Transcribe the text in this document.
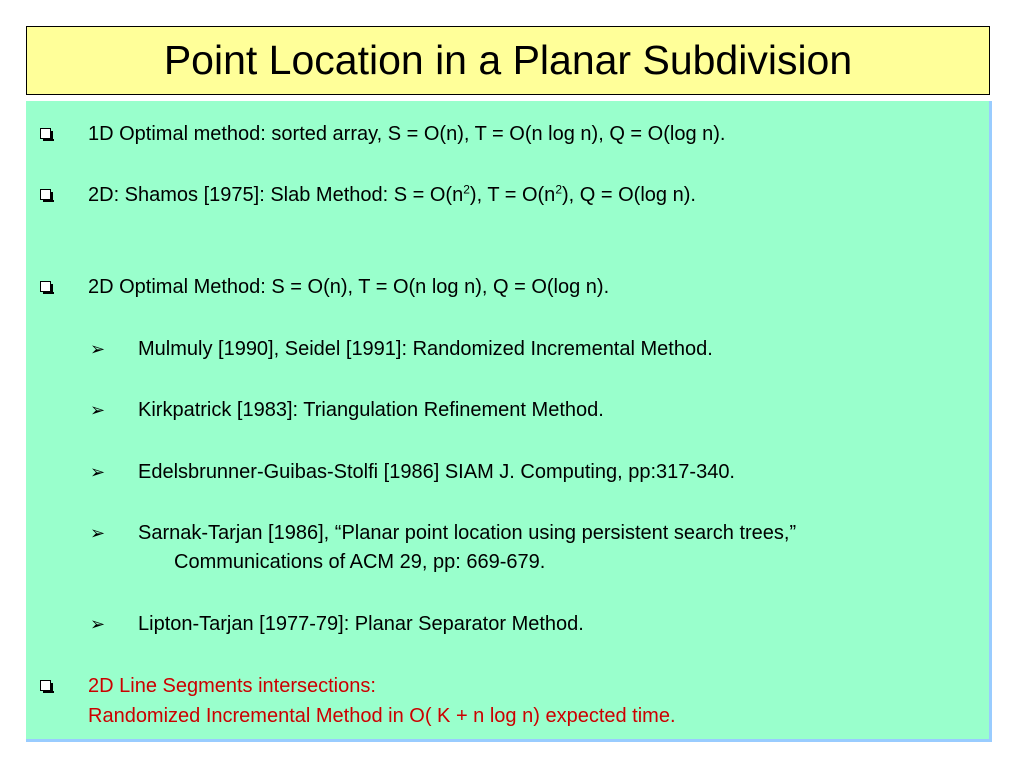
Point Location in a Planar Subdivision
1D Optimal method: sorted array, S = O(n), T = O(n log n), Q = O(log n).
2D: Shamos [1975]: Slab Method: $S = O(n^2)$, $T = O(n^2)$, Q = O(log n).
2D Optimal Method: S = O(n), T = O(n log n), Q = O(log n).
➢ Mulmuly [1990], Seidel [1991]: Randomized Incremental Method.
➢ Kirkpatrick [1983]: Triangulation Refinement Method.
➢ Edelsbrunner-Guibas-Stolfi [1986] SIAM J. Computing, pp:317-340.
➢ Sarnak-Tarjan [1986], “Planar point location using persistent search trees,”
Communications of ACM 29, pp: 669-679.
➢ Lipton-Tarjan [1977-79]: Planar Separator Method.
2D Line Segments intersections:
Randomized Incremental Method in O( K + n log n) expected time.
